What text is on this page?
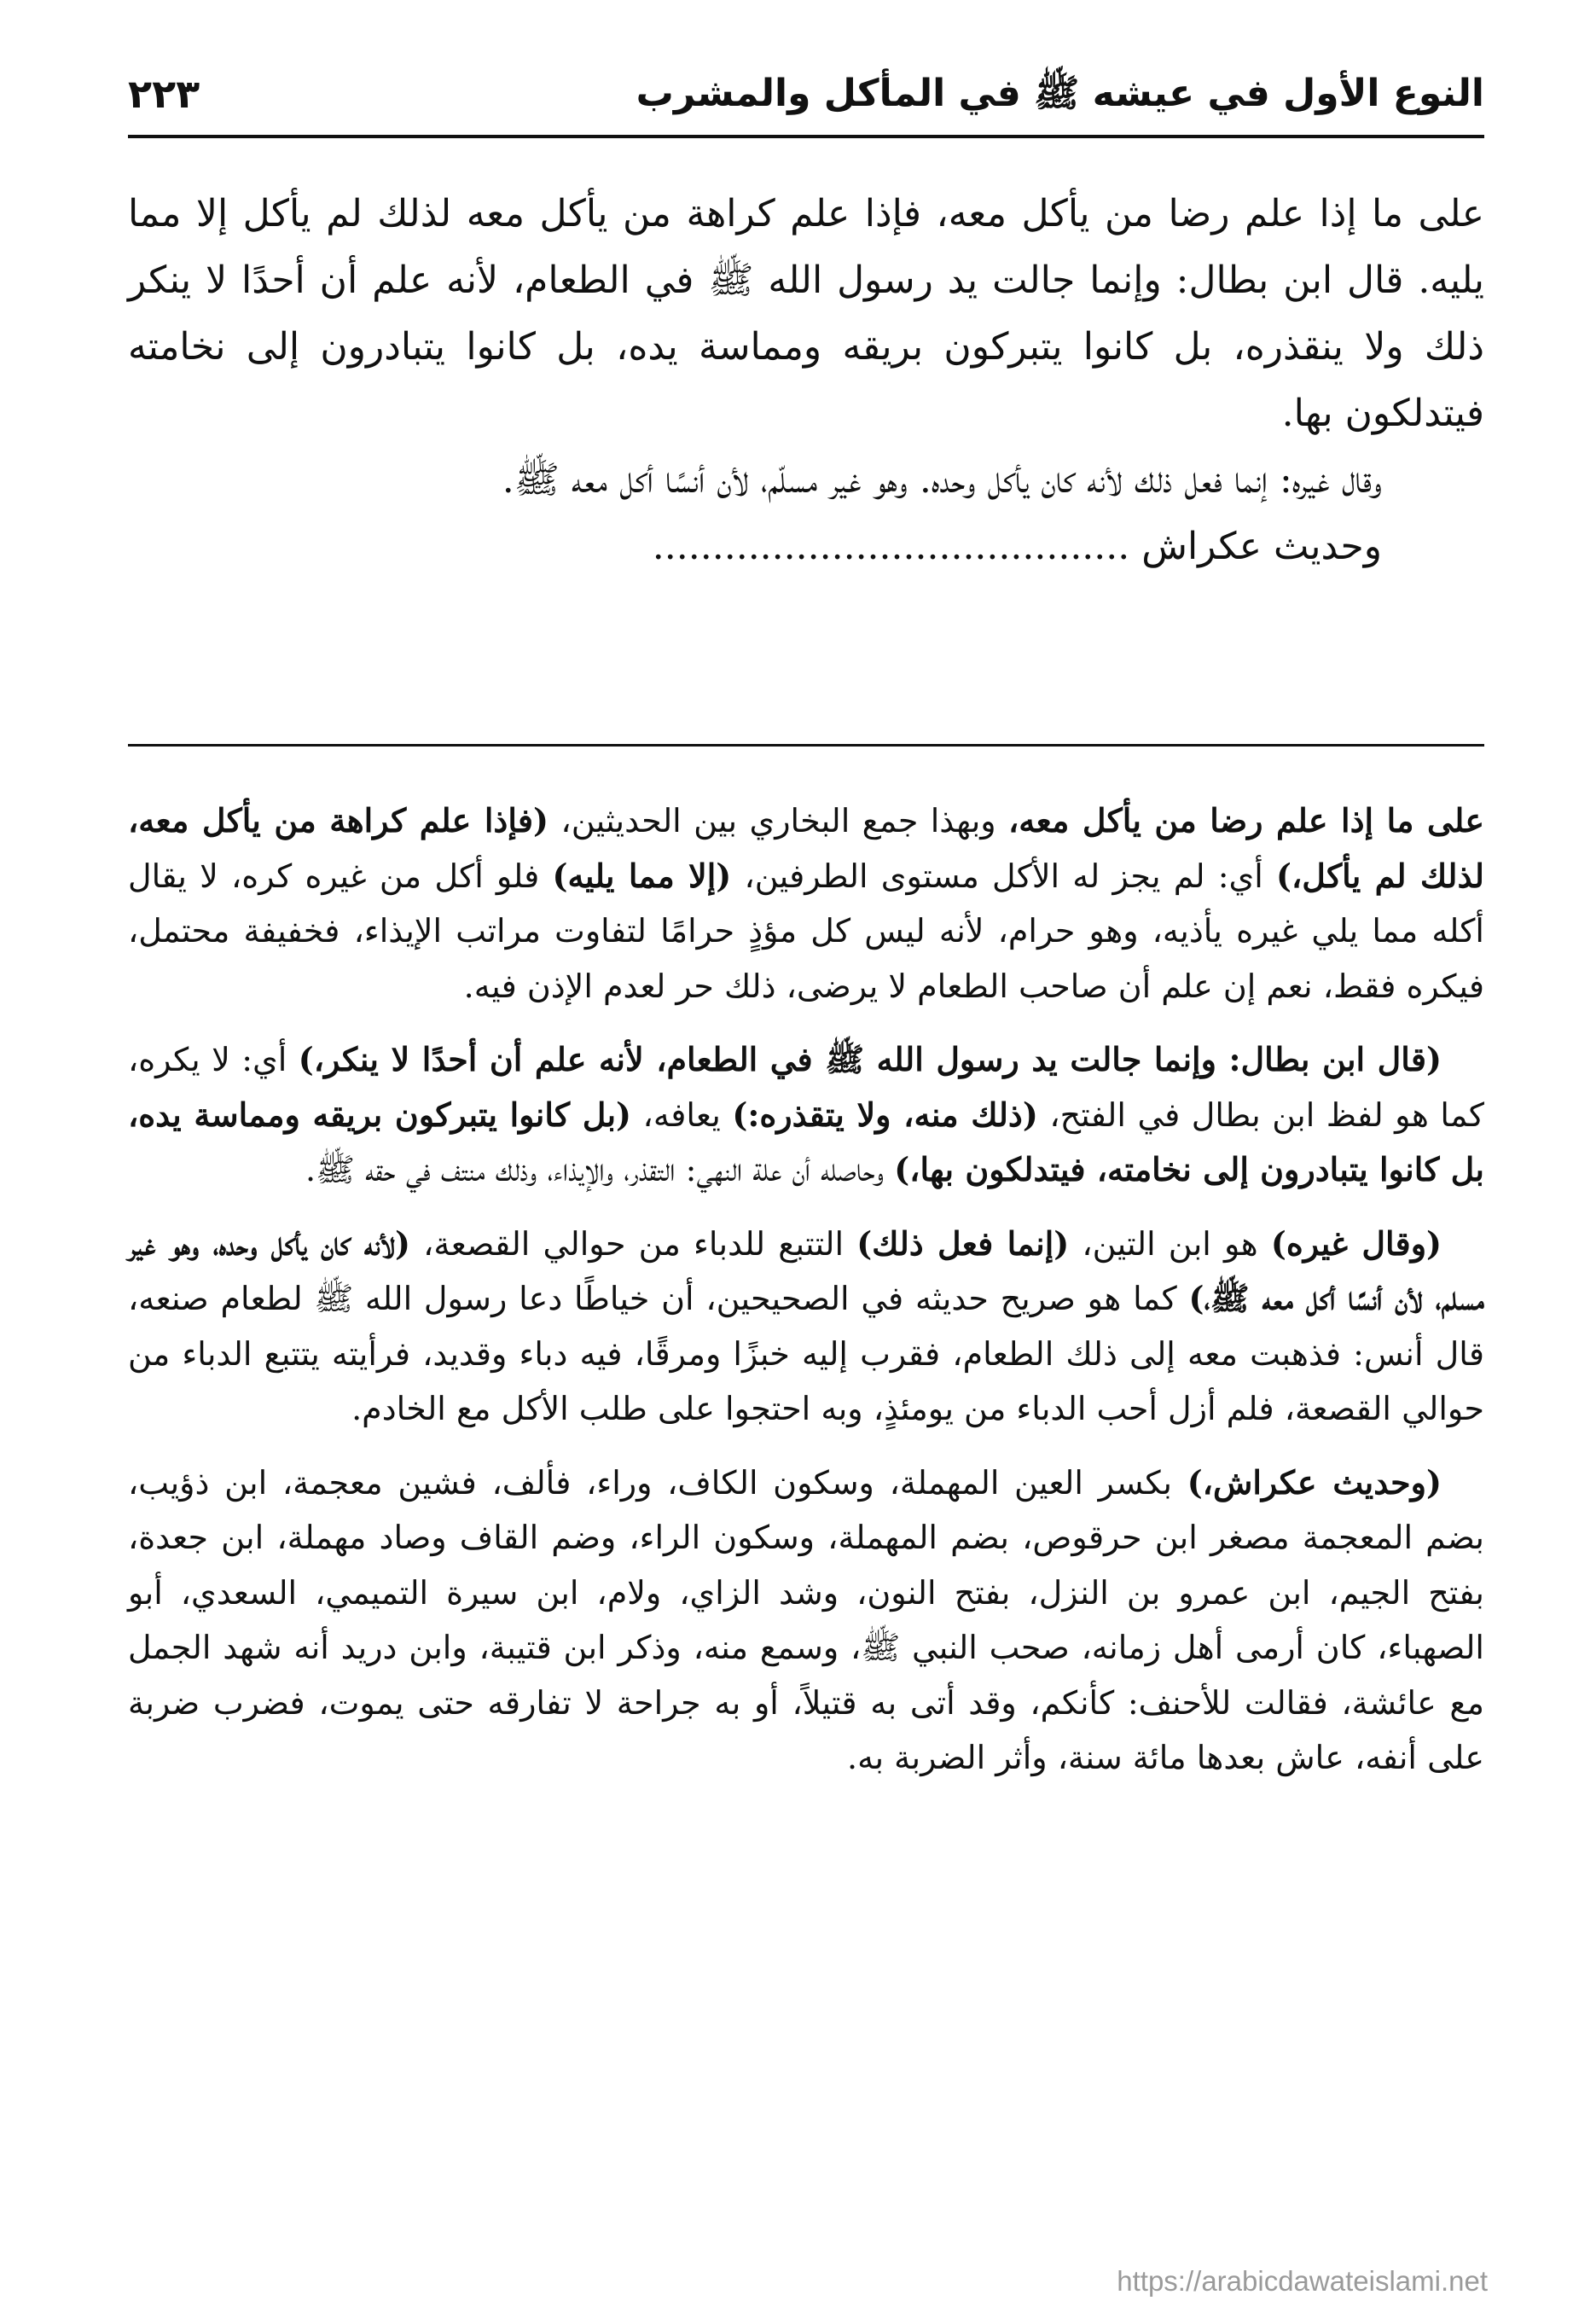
النوع الأول في عيشه ﷺ في المأكل والمشرب
٢٢٣

على ما إذا علم رضا من يأكل معه، فإذا علم كراهة من يأكل معه لذلك لم يأكل إلا مما يليه. قال ابن بطال: وإنما جالت يد رسول الله ﷺ في الطعام، لأنه علم أن أحدًا لا ينكر ذلك ولا ينقذره، بل كانوا يتبركون بريقه ومماسة يده، بل كانوا يتبادرون إلى نخامته فيتدلكون بها.

وقال غيره: إنما فعل ذلك لأنه كان يأكل وحده. وهو غير مسلّم، لأن أنسًا أكل معه ﷺ.

وحديث عكراش ........................................

على ما إذا علم رضا من يأكل معه، وبهذا جمع البخاري بين الحديثين، (فإذا علم كراهة من يأكل معه، لذلك لم يأكل،) أي: لم يجز له الأكل مستوى الطرفين، (إلا مما يليه) فلو أكل من غيره كره، لا يقال أكله مما يلي غيره يأذيه، وهو حرام، لأنه ليس كل مؤذٍ حرامًا لتفاوت مراتب الإيذاء، فخفيفة محتمل، فيكره فقط، نعم إن علم أن صاحب الطعام لا يرضى، ذلك حر لعدم الإذن فيه.

(قال ابن بطال: وإنما جالت يد رسول الله ﷺ في الطعام، لأنه علم أن أحدًا لا ينكر،) أي: لا يكره، كما هو لفظ ابن بطال في الفتح، (ذلك منه، ولا يتقذره:) يعافه، (بل كانوا يتبركون بريقه ومماسة يده، بل كانوا يتبادرون إلى نخامته، فيتدلكون بها،) وحاصله أن علة النهي: التقذر، والإيذاء، وذلك منتف في حقه ﷺ.

(وقال غيره) هو ابن التين، (إنما فعل ذلك) التتبع للدباء من حوالي القصعة، (لأنه كان يأكل وحده، وهو غير مسلم، لأن أنسًا أكل معه ﷺ،) كما هو صريح حديثه في الصحيحين، أن خياطًا دعا رسول الله ﷺ لطعام صنعه، قال أنس: فذهبت معه إلى ذلك الطعام، فقرب إليه خبزًا ومرقًا، فيه دباء وقديد، فرأيته يتتبع الدباء من حوالي القصعة، فلم أزل أحب الدباء من يومئذٍ، وبه احتجوا على طلب الأكل مع الخادم.

(وحديث عكراش،) بكسر العين المهملة، وسكون الكاف، وراء، فألف، فشين معجمة، ابن ذؤيب، بضم المعجمة مصغر ابن حرقوص، بضم المهملة، وسكون الراء، وضم القاف وصاد مهملة، ابن جعدة، بفتح الجيم، ابن عمرو بن النزل، بفتح النون، وشد الزاي، ولام، ابن سيرة التميمي، السعدي، أبو الصهباء، كان أرمى أهل زمانه، صحب النبي ﷺ، وسمع منه، وذكر ابن قتيبة، وابن دريد أنه شهد الجمل مع عائشة، فقالت للأحنف: كأنكم، وقد أتى به قتيلاً، أو به جراحة لا تفارقه حتى يموت، فضرب ضربة على أنفه، عاش بعدها مائة سنة، وأثر الضربة به.

https://arabicdawateislami.net
